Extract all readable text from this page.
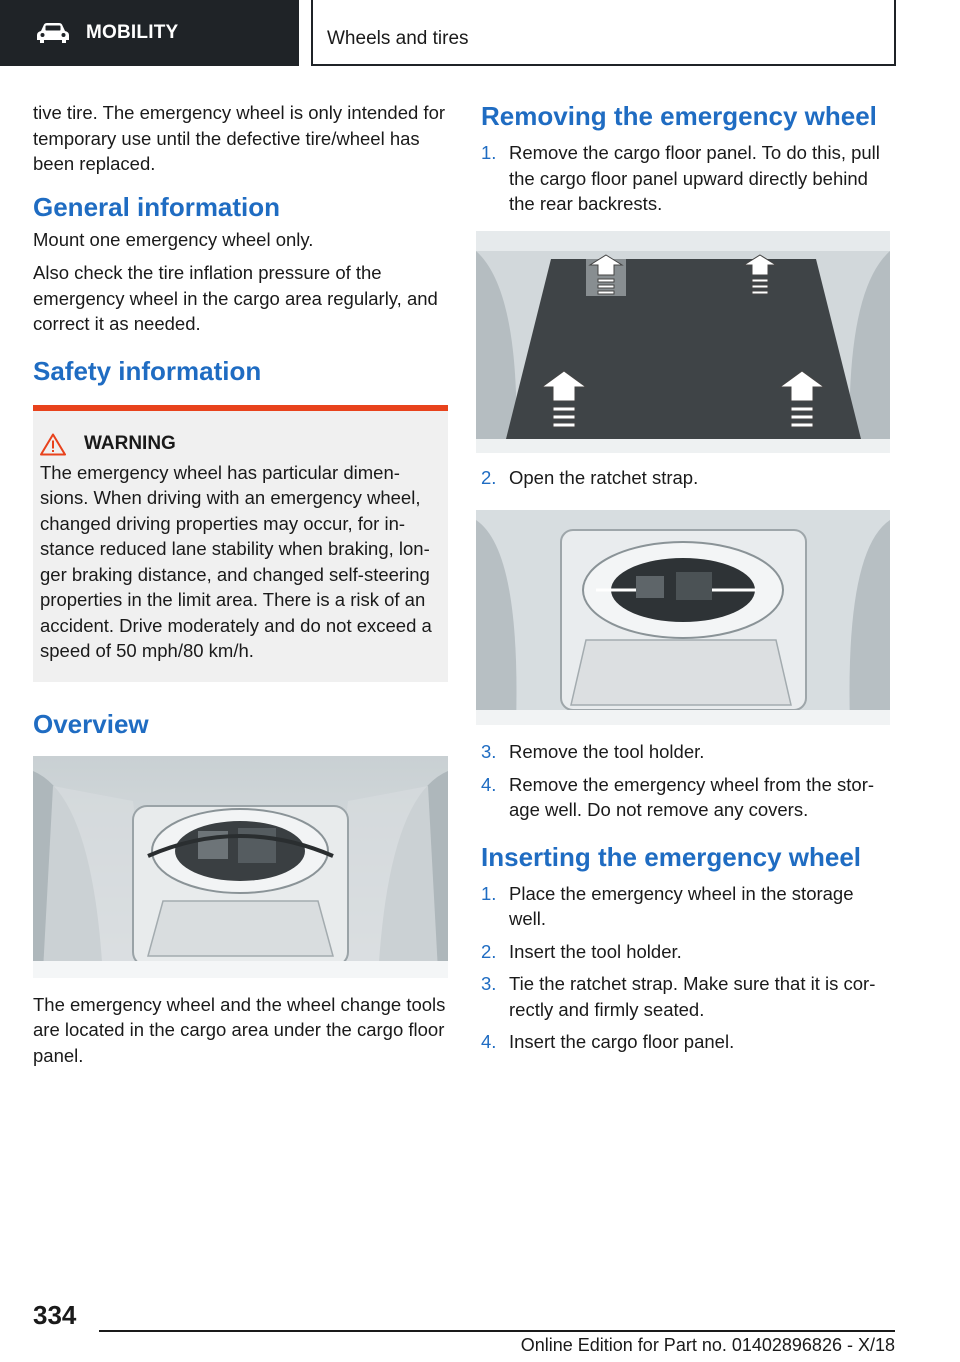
MOBILITY	Wheels and tires

tive tire. The emergency wheel is only intended for temporary use until the defective tire/wheel has been replaced.

General information

Mount one emergency wheel only.

Also check the tire inflation pressure of the emergency wheel in the cargo area regularly, and correct it as needed.

Safety information
WARNING

The emergency wheel has particular dimen-sions. When driving with an emergency wheel, changed driving properties may occur, for in-stance reduced lane stability when braking, lon-ger braking distance, and changed self-steering properties in the limit area. There is a risk of an accident. Drive moderately and do not exceed a speed of 50 mph/80 km/h.

Overview

The emergency wheel and the wheel change tools are located in the cargo area under the cargo floor panel.

Removing the emergency wheel
1. Remove the cargo floor panel. To do this, pull the cargo floor panel upward directly behind the rear backrests.
2. Open the ratchet strap.
3. Remove the tool holder.
4. Remove the emergency wheel from the stor-age well. Do not remove any covers.
Inserting the emergency wheel
1. Place the emergency wheel in the storage well.
2. Insert the tool holder.
3. Tie the ratchet strap. Make sure that it is cor-rectly and firmly seated.
4. Insert the cargo floor panel.
334
Online Edition for Part no. 01402896826 - X/18
